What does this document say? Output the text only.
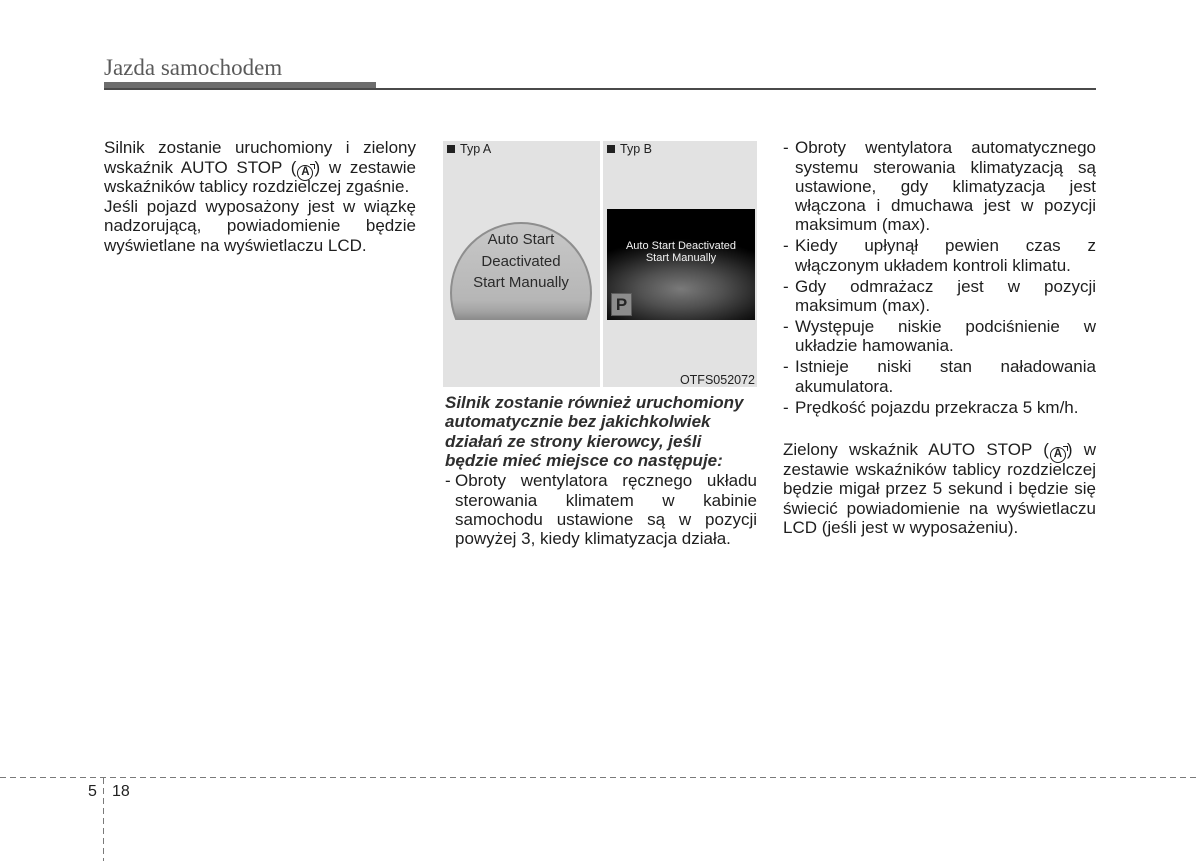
Jazda samochodem
Silnik zostanie uruchomiony i zielony
wskaźnik AUTO STOP ( A ) w zestawie
wskaźników tablicy rozdzielczej zgaśnie.
Jeśli pojazd wyposażony jest w wiązkę
nadzorującą, powiadomienie będzie
wyświetlane na wyświetlaczu LCD.
Typ A
Auto Start
Deactivated
Start Manually
Typ B
Auto Start Deactivated
Start Manually
P
OTFS052072
Silnik zostanie również uruchomiony
automatycznie bez jakichkolwiek
działań ze strony kierowcy, jeśli
będzie mieć miejsce co następuje:
- Obroty wentylatora ręcznego układu
sterowania klimatem w kabinie
samochodu ustawione są w pozycji
powyżej 3, kiedy klimatyzacja działa.
- Obroty wentylatora automatycznego
systemu sterowania klimatyzacją są
ustawione, gdy klimatyzacja jest
włączona i dmuchawa jest w pozycji
maksimum (max).
- Kiedy upłynął pewien czas z
włączonym układem kontroli klimatu.
- Gdy odmrażacz jest w pozycji
maksimum (max).
- Występuje niskie podciśnienie w
układzie hamowania.
- Istnieje niski stan naładowania
akumulatora.
- Prędkość pojazdu przekracza 5 km/h.
Zielony wskaźnik AUTO STOP ( A ) w
zestawie wskaźników tablicy rozdzielczej
będzie migał przez 5 sekund i będzie się
świecić powiadomienie na wyświetlaczu
LCD (jeśli jest w wyposażeniu).
5 18
